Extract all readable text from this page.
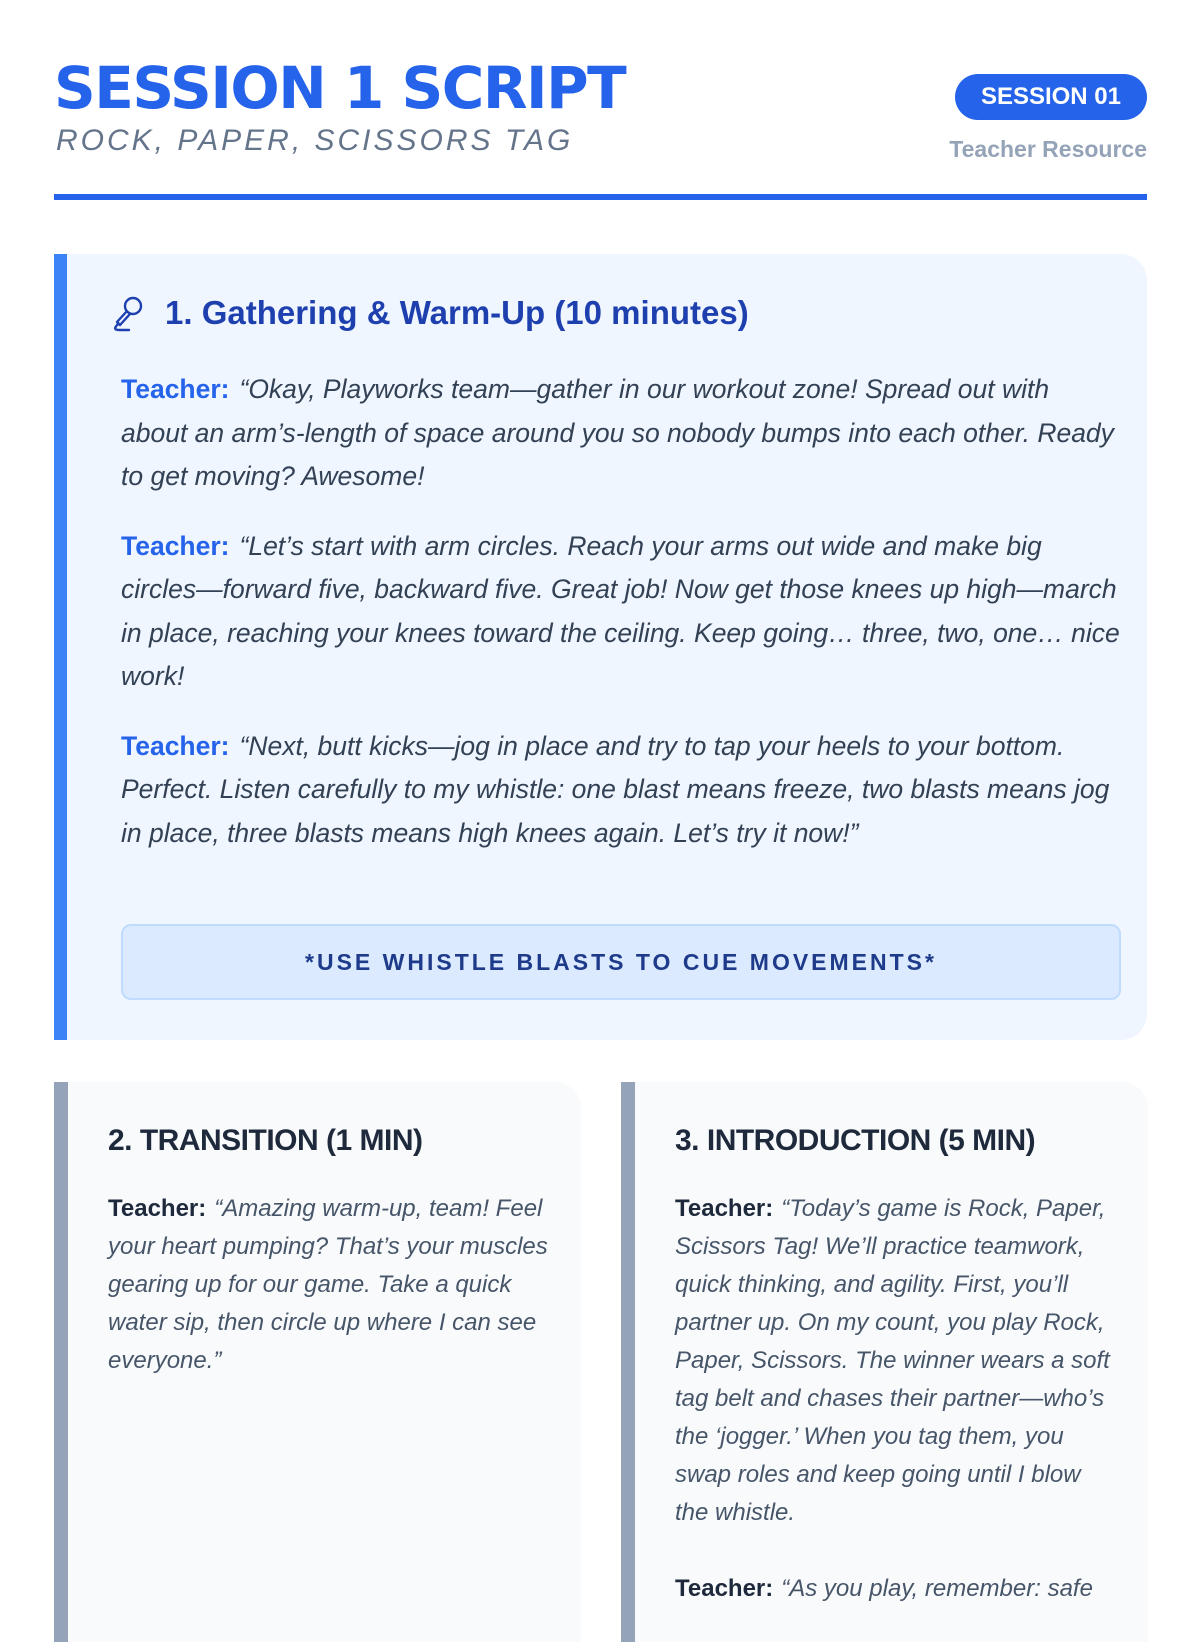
SESSION 1 SCRIPT
ROCK, PAPER, SCISSORS TAG
SESSION 01
Teacher Resource
1. Gathering & Warm-Up (10 minutes)

Teacher: “Okay, Playworks team—gather in our workout zone! Spread out with about an arm’s-length of space around you so nobody bumps into each other. Ready to get moving? Awesome!

Teacher: “Let’s start with arm circles. Reach your arms out wide and make big circles—forward five, backward five. Great job! Now get those knees up high—march in place, reaching your knees toward the ceiling. Keep going… three, two, one… nice work!

Teacher: “Next, butt kicks—jog in place and try to tap your heels to your bottom. Perfect. Listen carefully to my whistle: one blast means freeze, two blasts means jog in place, three blasts means high knees again. Let’s try it now!”

*USE WHISTLE BLASTS TO CUE MOVEMENTS*
2. TRANSITION (1 MIN)

Teacher: “Amazing warm-up, team! Feel your heart pumping? That’s your muscles gearing up for our game. Take a quick water sip, then circle up where I can see everyone.”

3. INTRODUCTION (5 MIN)

Teacher: “Today’s game is Rock, Paper, Scissors Tag! We’ll practice teamwork, quick thinking, and agility. First, you’ll partner up. On my count, you play Rock, Paper, Scissors. The winner wears a soft tag belt and chases their partner—who’s the ‘jogger.’ When you tag them, you swap roles and keep going until I blow the whistle.

Teacher: “As you play, remember: safe
